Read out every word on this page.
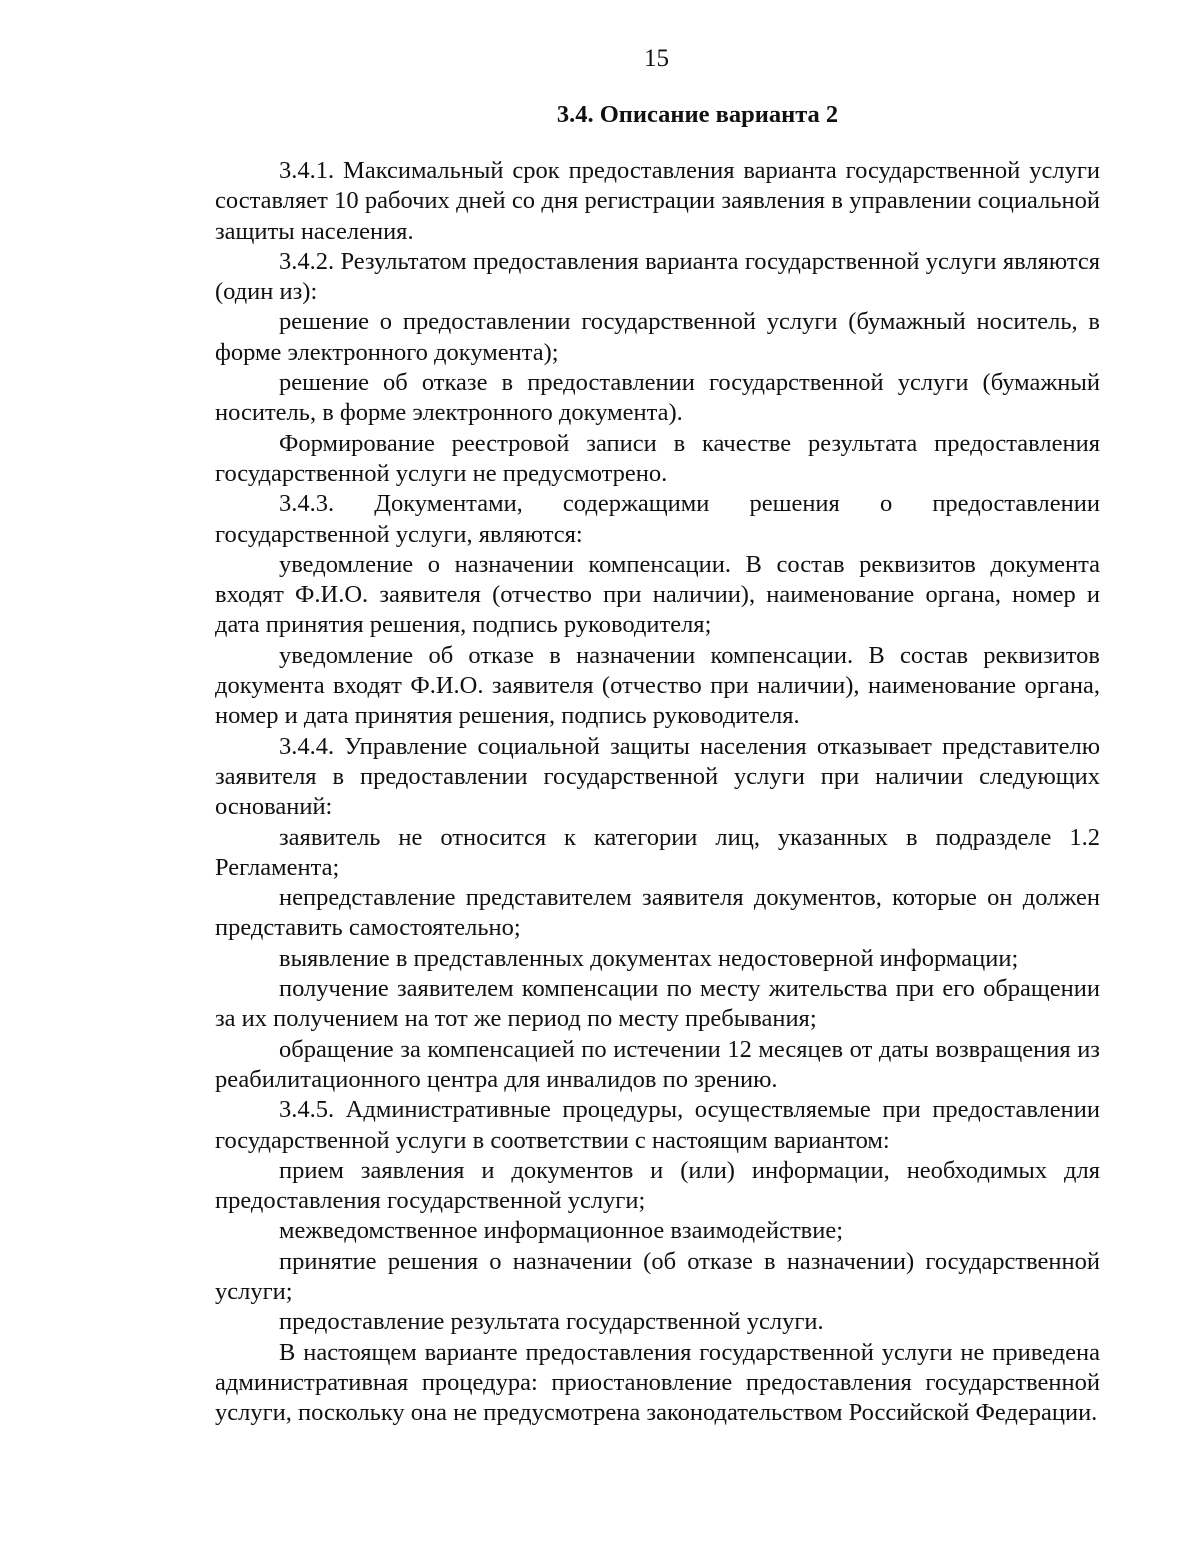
15
3.4. Описание варианта 2

3.4.1. Максимальный срок предоставления варианта государственной услуги составляет 10 рабочих дней со дня регистрации заявления в управлении социальной защиты населения.

3.4.2. Результатом предоставления варианта государственной услуги являются (один из):

решение о предоставлении государственной услуги (бумажный носитель, в форме электронного документа);

решение об отказе в предоставлении государственной услуги (бумажный носитель, в форме электронного документа).

Формирование реестровой записи в качестве результата предоставления государственной услуги не предусмотрено.

3.4.3. Документами, содержащими решения о предоставлении государственной услуги, являются:

уведомление о назначении компенсации. В состав реквизитов документа входят Ф.И.О. заявителя (отчество при наличии), наименование органа, номер и дата принятия решения, подпись руководителя;

уведомление об отказе в назначении компенсации. В состав реквизитов документа входят Ф.И.О. заявителя (отчество при наличии), наименование органа, номер и дата принятия решения, подпись руководителя.

3.4.4. Управление социальной защиты населения отказывает представителю заявителя в предоставлении государственной услуги при наличии следующих оснований:

заявитель не относится к категории лиц, указанных в подразделе 1.2 Регламента;

непредставление представителем заявителя документов, которые он должен представить самостоятельно;

выявление в представленных документах недостоверной информации;

получение заявителем компенсации по месту жительства при его обращении за их получением на тот же период по месту пребывания;

обращение за компенсацией по истечении 12 месяцев от даты возвращения из реабилитационного центра для инвалидов по зрению.

3.4.5. Административные процедуры, осуществляемые при предоставлении государственной услуги в соответствии с настоящим вариантом:

прием заявления и документов и (или) информации, необходимых для предоставления государственной услуги;

межведомственное информационное взаимодействие;

принятие решения о назначении (об отказе в назначении) государственной услуги;

предоставление результата государственной услуги.

В настоящем варианте предоставления государственной услуги не приведена административная процедура: приостановление предоставления государственной услуги, поскольку она не предусмотрена законодательством Российской Федерации.
